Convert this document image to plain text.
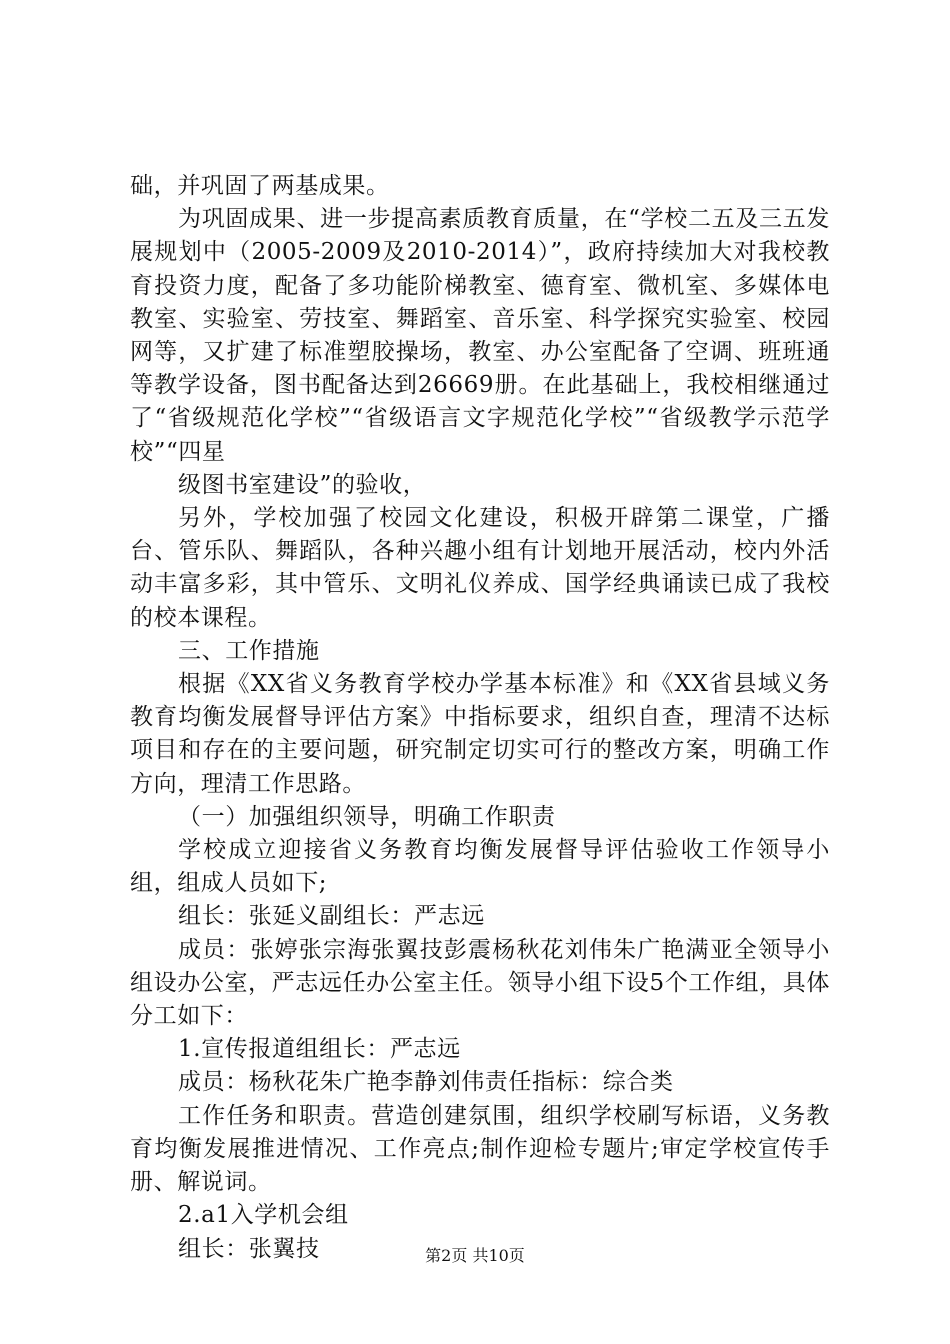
础，并巩固了两基成果。

为巩固成果、进一步提高素质教育质量，在“学校二五及三五发展规划中（2005-2009及2010-2014）”，政府持续加大对我校教育投资力度，配备了多功能阶梯教室、德育室、微机室、多媒体电教室、实验室、劳技室、舞蹈室、音乐室、科学探究实验室、校园网等，又扩建了标准塑胶操场，教室、办公室配备了空调、班班通等教学设备，图书配备达到26669册。在此基础上，我校相继通过了“省级规范化学校”“省级语言文字规范化学校”“省级教学示范学校”“四星

级图书室建设”的验收，

另外，学校加强了校园文化建设，积极开辟第二课堂，广播台、管乐队、舞蹈队，各种兴趣小组有计划地开展活动，校内外活动丰富多彩，其中管乐、文明礼仪养成、国学经典诵读已成了我校的校本课程。

三、工作措施

根据《XX省义务教育学校办学基本标准》和《XX省县域义务教育均衡发展督导评估方案》中指标要求，组织自查，理清不达标项目和存在的主要问题，研究制定切实可行的整改方案，明确工作方向，理清工作思路。

（一）加强组织领导，明确工作职责

学校成立迎接省义务教育均衡发展督导评估验收工作领导小组，组成人员如下;

组长：张延义副组长：严志远

成员：张婷张宗海张翼技彭震杨秋花刘伟朱广艳满亚全领导小组设办公室，严志远任办公室主任。领导小组下设5个工作组，具体分工如下：

1.宣传报道组组长：严志远

成员：杨秋花朱广艳李静刘伟责任指标：综合类

工作任务和职责。营造创建氛围，组织学校刷写标语，义务教育均衡发展推进情况、工作亮点;制作迎检专题片;审定学校宣传手册、解说词。

2.a1入学机会组

组长：张翼技	第2页 共10页
